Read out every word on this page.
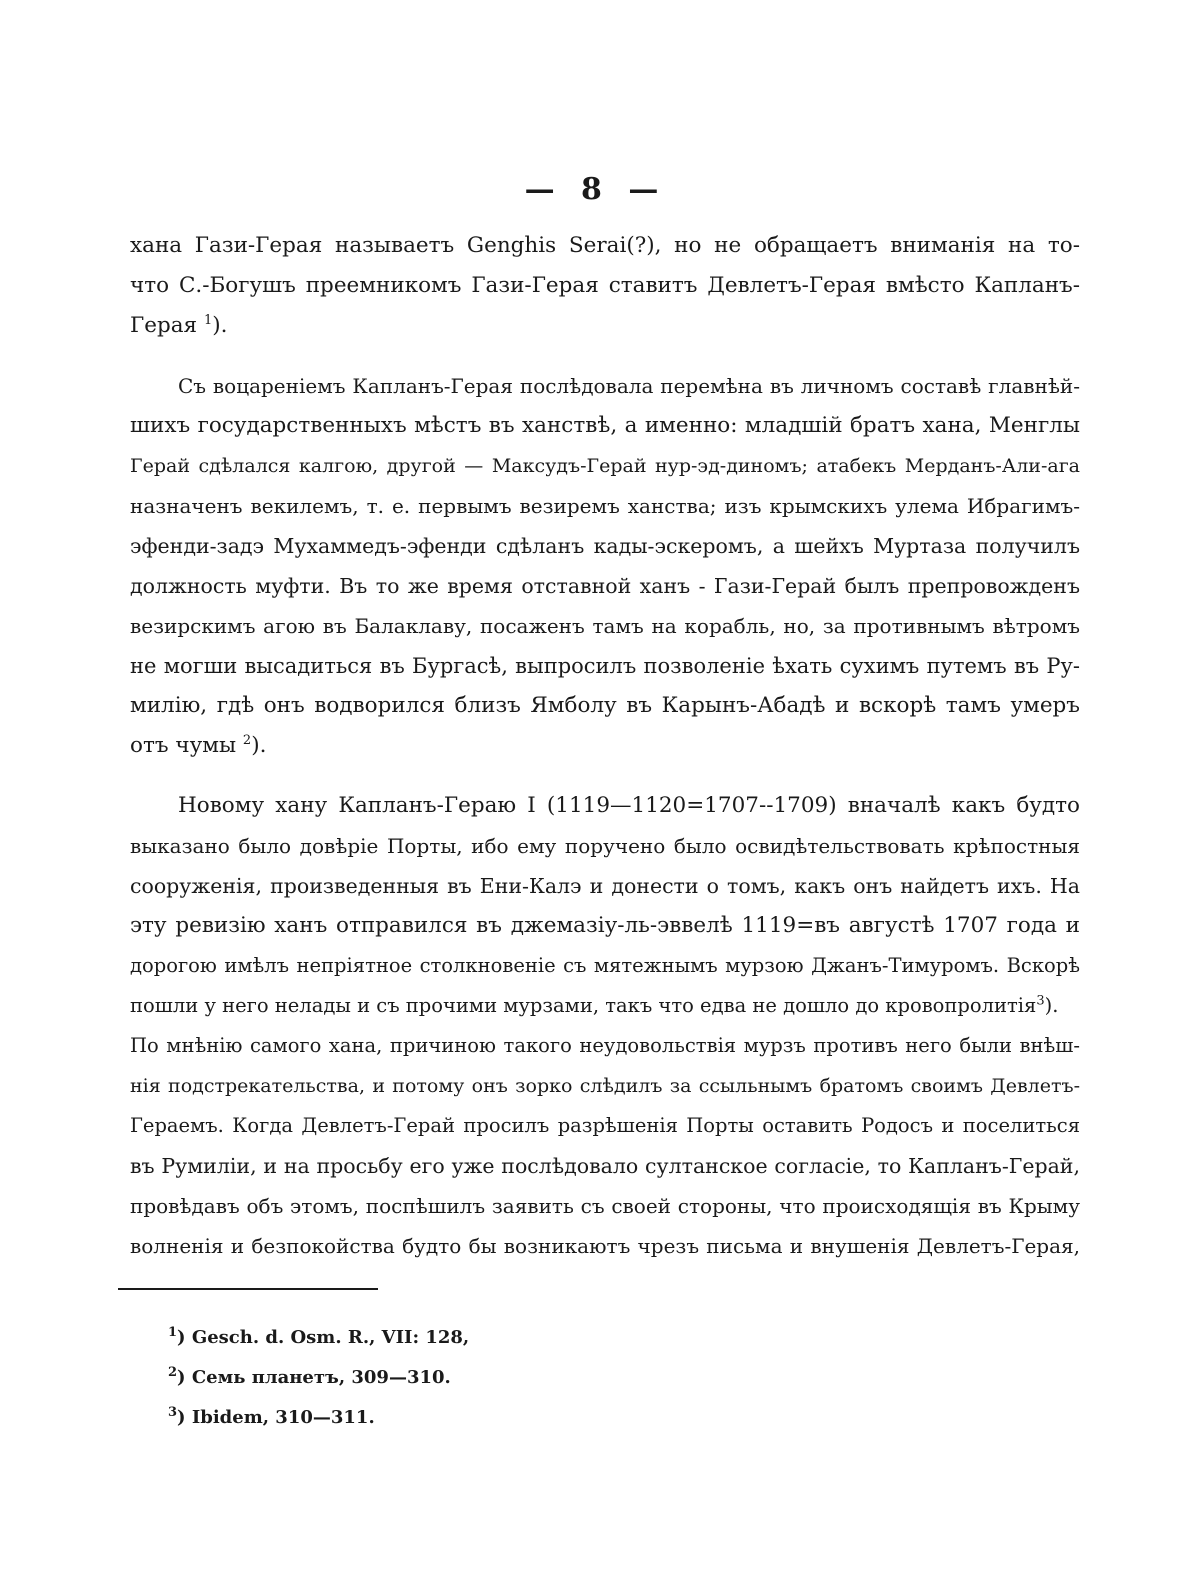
— 8 —
хана Гази-Герая называетъ Genghis Serai(?), но не обращаетъ вниманія на то-
что С.-Богушъ преемникомъ Гази-Герая ставитъ Девлетъ-Герая вмѣсто Капланъ-
Герая $^1$).
Съ воцареніемъ Капланъ-Герая послѣдовала перемѣна въ личномъ составѣ главнѣй-
шихъ государственныхъ мѣстъ въ ханствѣ, а именно: младшій братъ хана, Менглы
Герай сдѣлался калгою, другой — Максудъ-Герай нур-эд-диномъ; атабекъ Мерданъ-Али-ага
назначенъ векилемъ, т. е. первымъ везиремъ ханства; изъ крымскихъ улема Ибрагимъ-
эфенди-задэ Мухаммедъ-эфенди сдѣланъ кады-эскеромъ, а шейхъ Муртаза получилъ
должность муфти. Въ то же время отставной ханъ - Гази-Герай былъ препровожденъ
везирскимъ агою въ Балаклаву, посаженъ тамъ на корабль, но, за противнымъ вѣтромъ
не могши высадиться въ Бургасѣ, выпросилъ позволеніе ѣхать сухимъ путемъ въ Ру-
милію, гдѣ онъ водворился близъ Ямболу въ Карынъ-Абадѣ и вскорѣ тамъ умеръ
отъ чумы $^2$).
Новому хану Капланъ-Гераю I (1119—1120=1707--1709) вначалѣ какъ будто
выказано было довѣріе Порты, ибо ему поручено было освидѣтельствовать крѣпостныя
сооруженія, произведенныя въ Ени-Калэ и донести о томъ, какъ онъ найдетъ ихъ. На
эту ревизію ханъ отправился въ джемазіу-ль-эввелѣ 1119=въ августѣ 1707 года и
дорогою имѣлъ непріятное столкновеніе съ мятежнымъ мурзою Джанъ-Тимуромъ. Вскорѣ
пошли у него нелады и съ прочими мурзами, такъ что едва не дошло до кровопролитія$^3$).
По мнѣнію самого хана, причиною такого неудовольствія мурзъ противъ него были внѣш-
нія подстрекательства, и потому онъ зорко слѣдилъ за ссыльнымъ братомъ своимъ Девлетъ-
Гераемъ. Когда Девлетъ-Герай просилъ разрѣшенія Порты оставить Родосъ и поселиться
въ Румиліи, и на просьбу его уже послѣдовало султанское согласіе, то Капланъ-Герай,
провѣдавъ объ этомъ, поспѣшилъ заявить съ своей стороны, что происходящія въ Крыму
волненія и безпокойства будто бы возникаютъ чрезъ письма и внушенія Девлетъ-Герая,
$^1$) Gesch. d. Osm. R., VII: 128,
$^2$) Семь планетъ, 309—310.
$^3$) Ibidem, 310—311.
